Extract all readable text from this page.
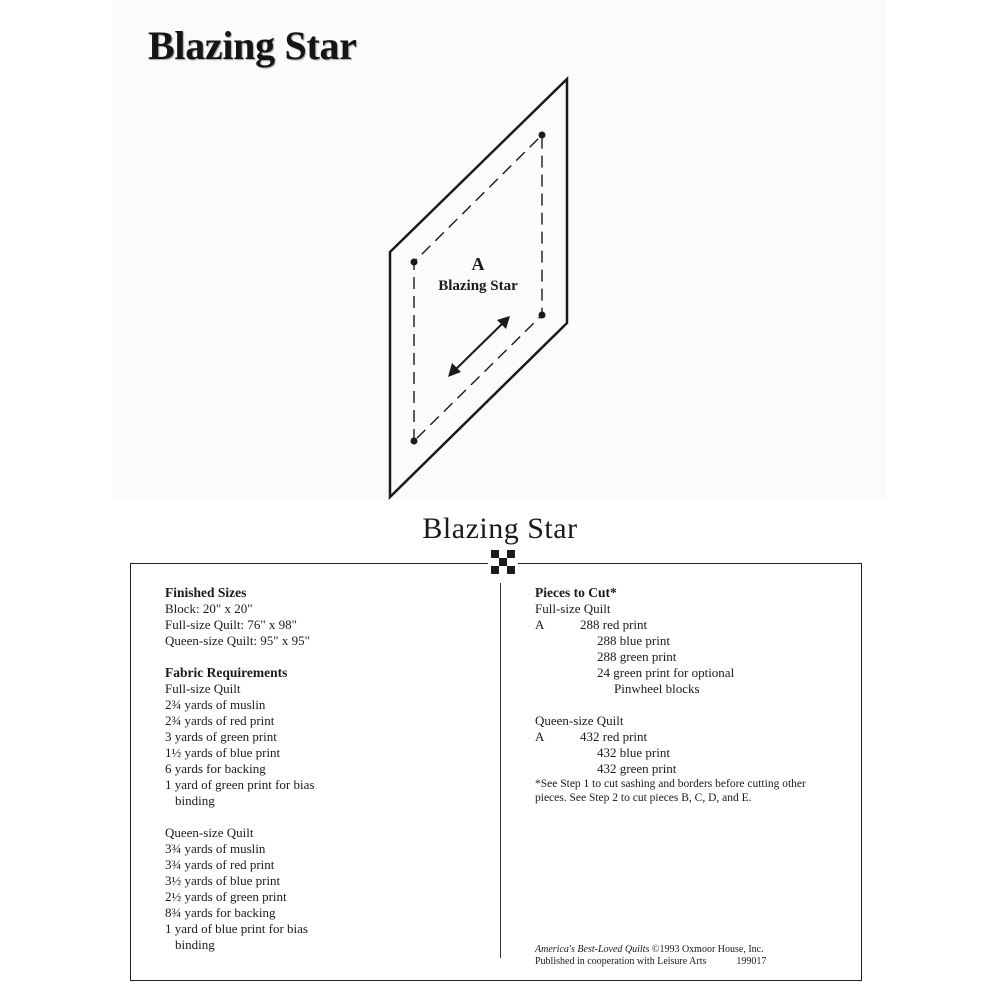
Blazing Star
A
Blazing Star
Blazing Star

Finished Sizes

Block: 20" x 20"

Full-size Quilt: 76" x 98"

Queen-size Quilt: 95" x 95"

Fabric Requirements

Full-size Quilt

2¾ yards of muslin

2¾ yards of red print

3 yards of green print

1½ yards of blue print

6 yards for backing

1 yard of green print for bias

binding

Queen-size Quilt

3¾ yards of muslin

3¾ yards of red print

3½ yards of blue print

2½ yards of green print

8¾ yards for backing

1 yard of blue print for bias

binding

Pieces to Cut*

Full-size Quilt

A	288 red print
288 blue print
288 green print
24 green print for optional
Pinwheel blocks

Queen-size Quilt

A	432 red print
432 blue print
432 green print

*See Step 1 to cut sashing and borders before cutting other

pieces. See Step 2 to cut pieces B, C, D, and E.

America's Best-Loved Quilts ©1993 Oxmoor House, Inc.
Published in cooperation with Leisure Arts	199017
